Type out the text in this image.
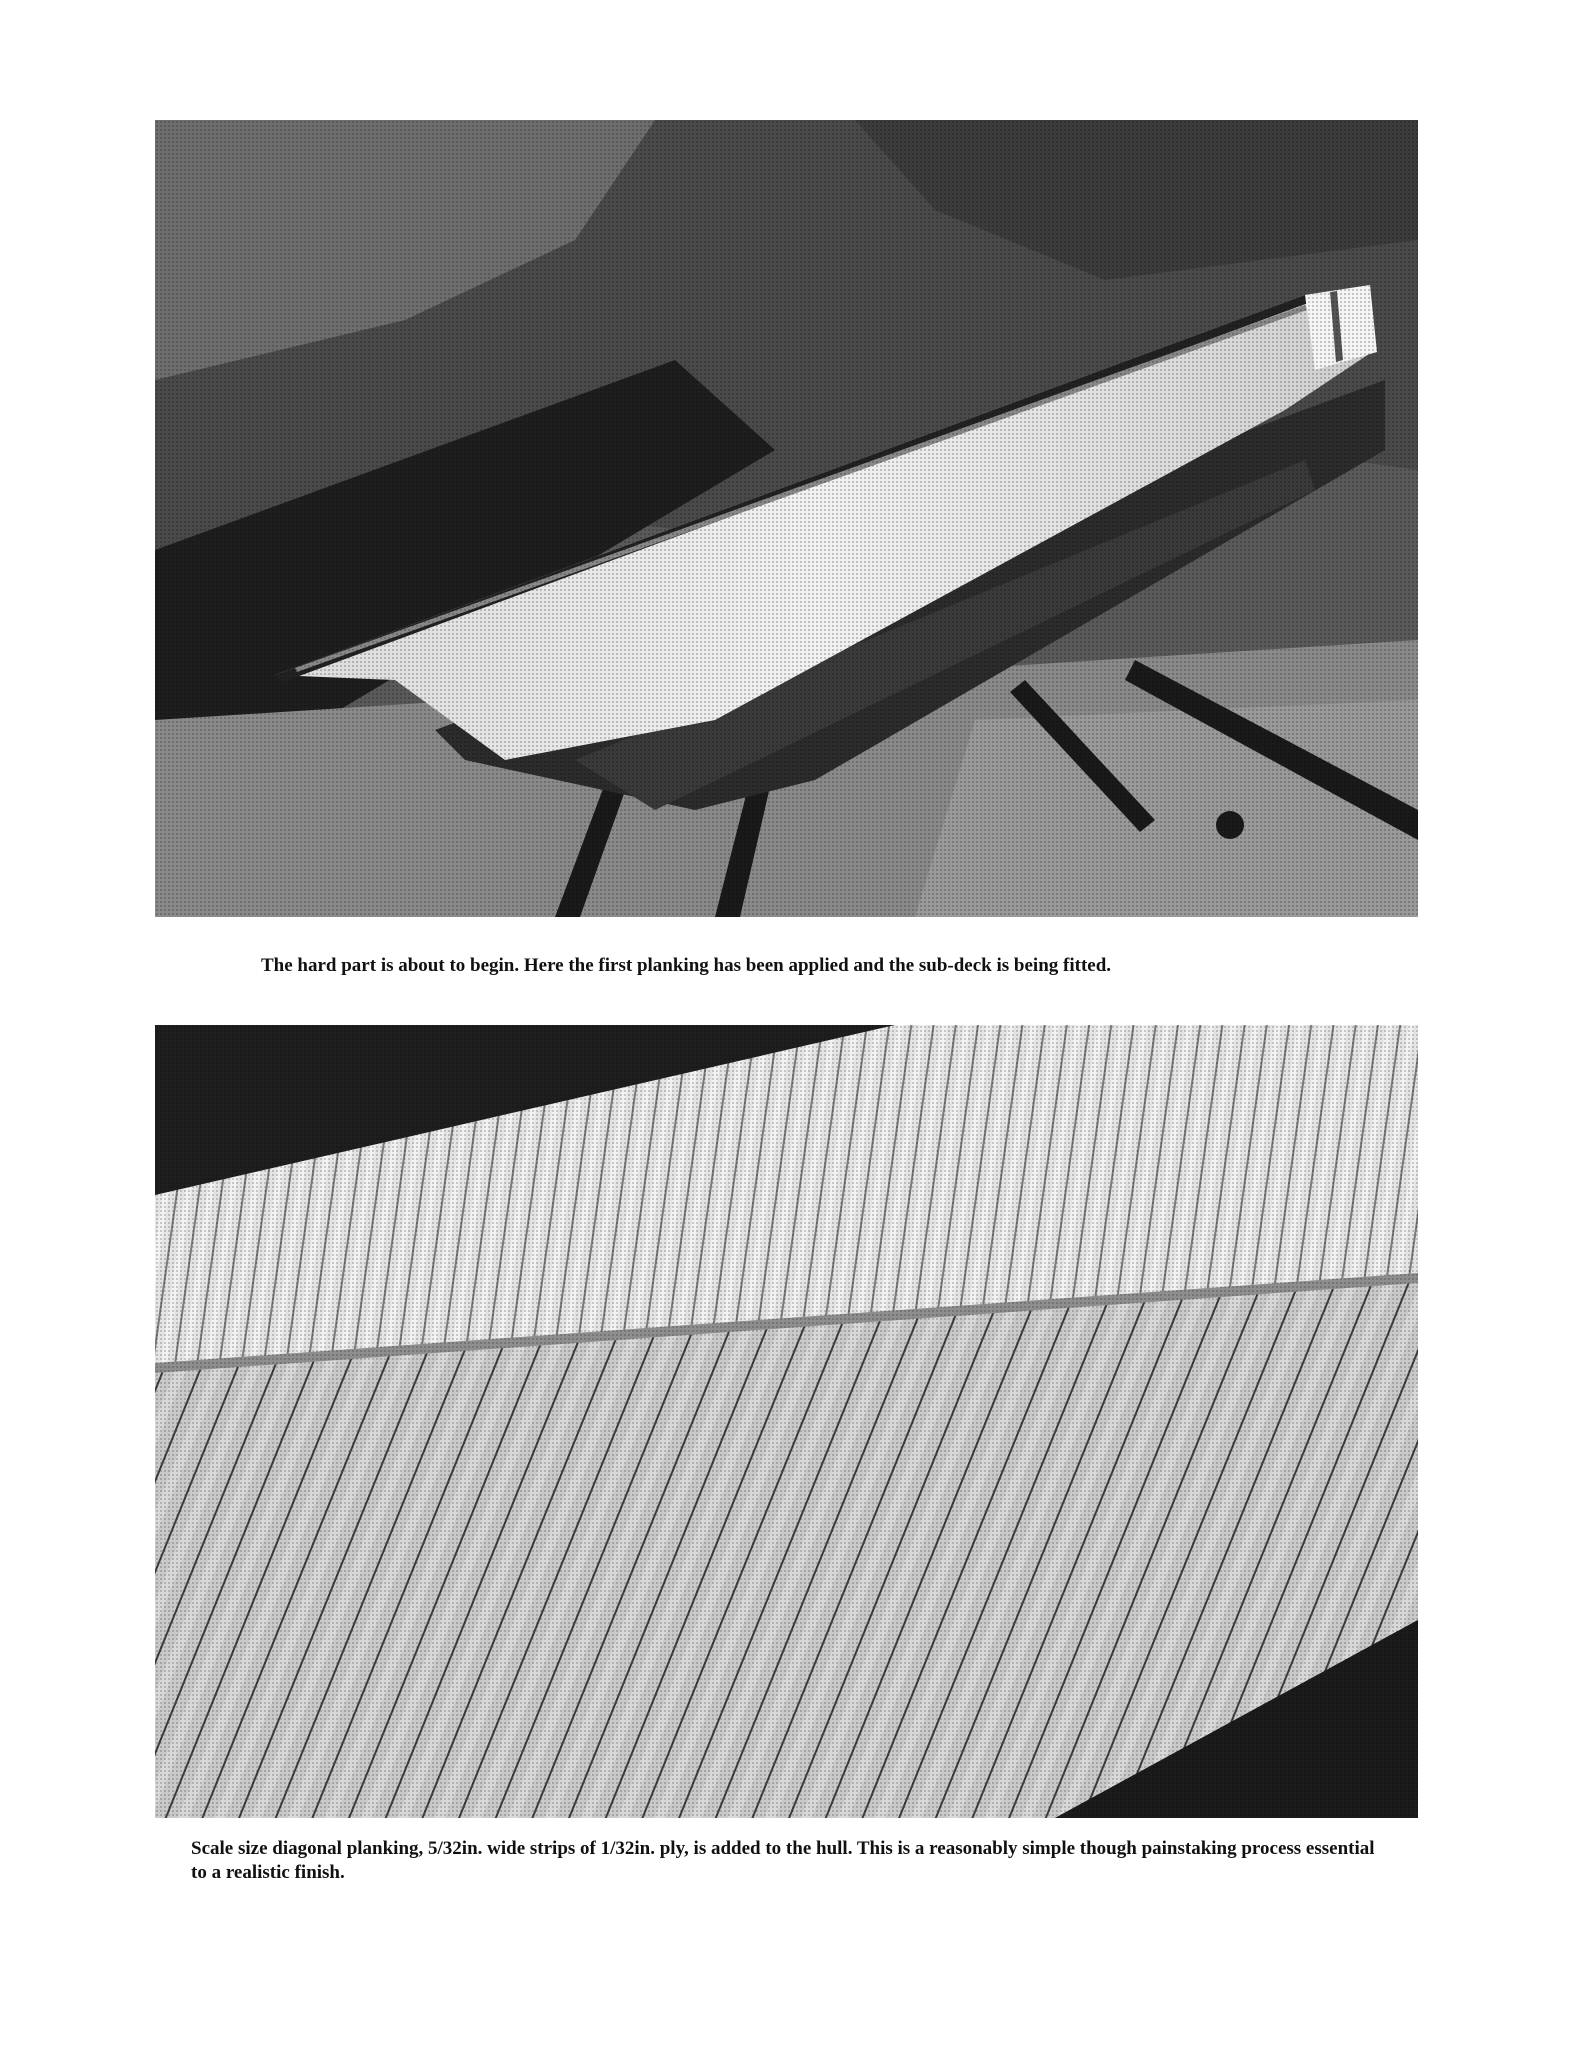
The hard part is about to begin. Here the first planking has been applied and the sub-deck is being fitted.

Scale size diagonal planking, 5/32in. wide strips of 1/32in. ply, is added to the hull. This is a reasonably simple though painstaking process essential to a realistic finish.
